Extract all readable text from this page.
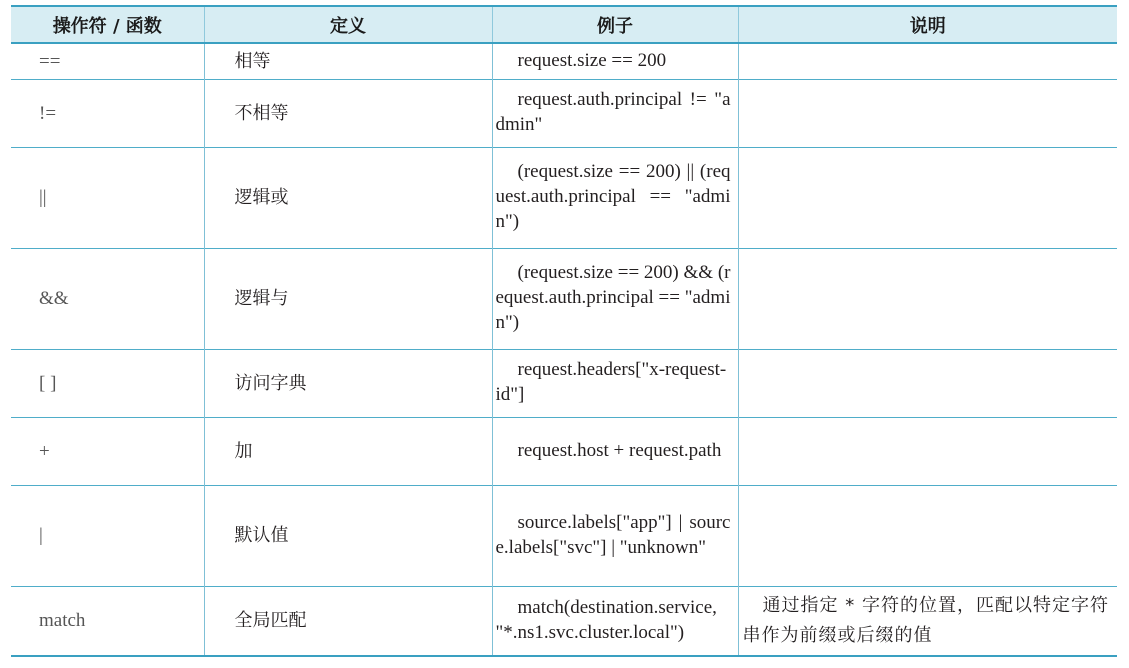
操作符 / 函数	定义	例子	说明
==	相等	request.size == 200	
!=	不相等	request.auth.principal != "admin"	
||	逻辑或	(request.size == 200) || (request.auth.principal == "admin")	
&&	逻辑与	(request.size == 200) && (request.auth.principal == "admin")	
[ ]	访问字典	request.headers["x-request-id"]	
+	加	request.host + request.path	
|	默认值	source.labels["app"] | source.labels["svc"] | "unknown"	
match	全局匹配	match(destination.service, "*.ns1.svc.cluster.local")	通过指定 * 字符的位置，匹配以特定字符串作为前缀或后缀的值
